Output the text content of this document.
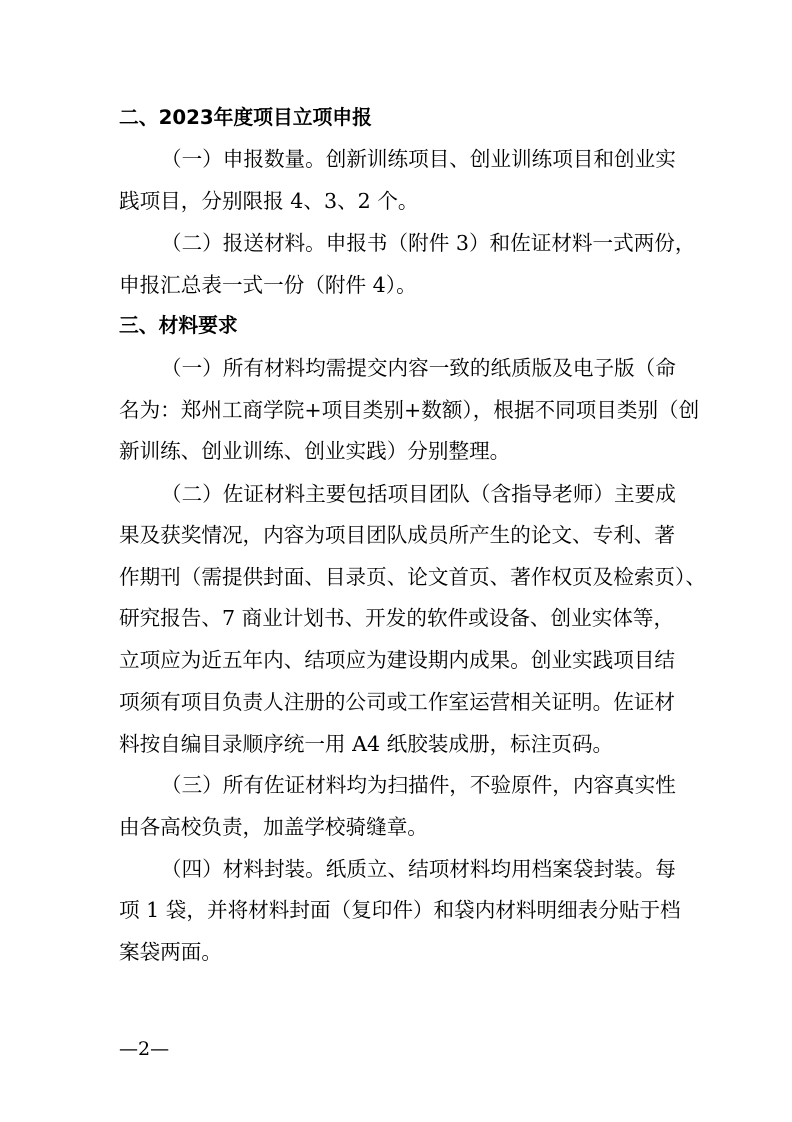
二、2023年度项目立项申报
（一）申报数量。创新训练项目、创业训练项目和创业实
践项目，分别限报 4、3、2 个。
（二）报送材料。申报书（附件 3）和佐证材料一式两份，
申报汇总表一式一份（附件 4）。
三、材料要求
（一）所有材料均需提交内容一致的纸质版及电子版（命
名为：郑州工商学院+项目类别+数额），根据不同项目类别（创
新训练、创业训练、创业实践）分别整理。
（二）佐证材料主要包括项目团队（含指导老师）主要成
果及获奖情况，内容为项目团队成员所产生的论文、专利、著
作期刊（需提供封面、目录页、论文首页、著作权页及检索页）、
研究报告、7 商业计划书、开发的软件或设备、创业实体等，
立项应为近五年内、结项应为建设期内成果。创业实践项目结
项须有项目负责人注册的公司或工作室运营相关证明。佐证材
料按自编目录顺序统一用 A4 纸胶装成册，标注页码。
（三）所有佐证材料均为扫描件，不验原件，内容真实性
由各高校负责，加盖学校骑缝章。
（四）材料封装。纸质立、结项材料均用档案袋封装。每
项 1 袋，并将材料封面（复印件）和袋内材料明细表分贴于档
案袋两面。
—2—
